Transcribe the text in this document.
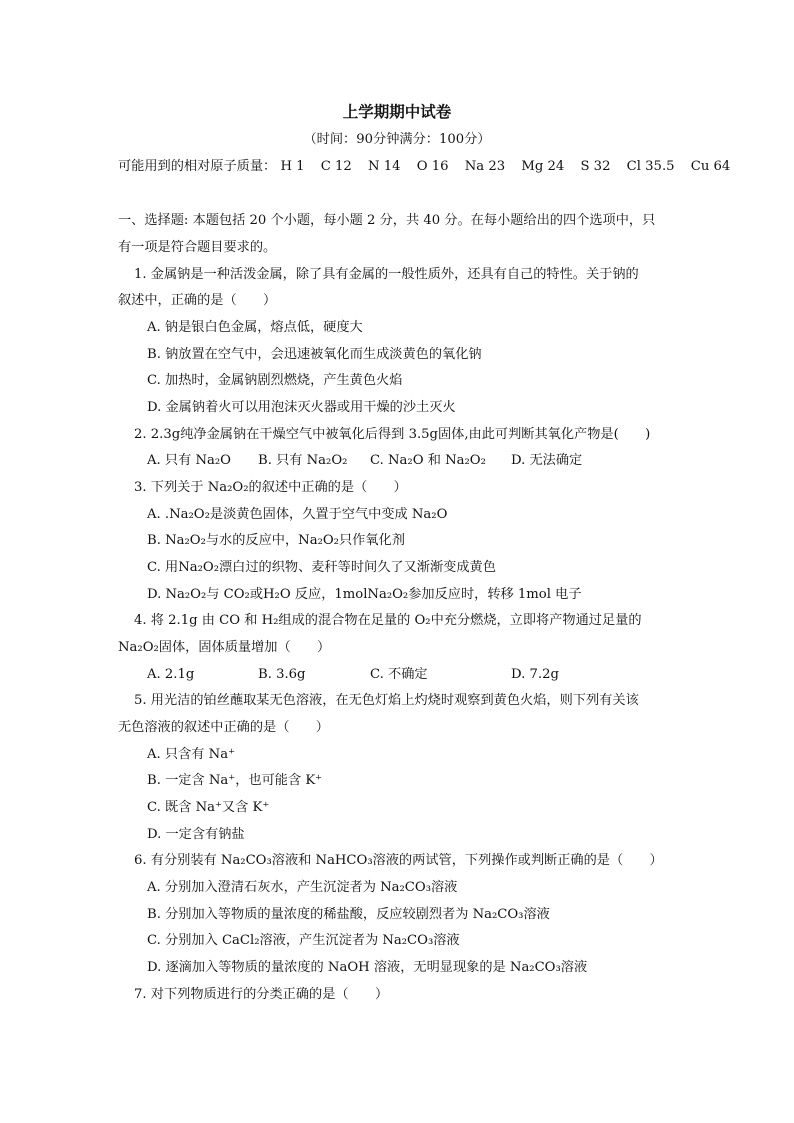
上学期期中试卷
（时间：90分钟满分：100分）
可能用到的相对原子质量： H 1 C 12 N 14 O 16 Na 23 Mg 24 S 32 Cl 35.5 Cu 64
一、选择题: 本题包括 20 个小题，每小题 2 分，共 40 分。在每小题给出的四个选项中，只
有一项是符合题目要求的。
1. 金属钠是一种活泼金属，除了具有金属的一般性质外，还具有自己的特性。关于钠的
叙述中，正确的是（　　）
A. 钠是银白色金属，熔点低，硬度大
B. 钠放置在空气中，会迅速被氧化而生成淡黄色的氧化钠
C. 加热时，金属钠剧烈燃烧，产生黄色火焰
D. 金属钠着火可以用泡沫灭火器或用干燥的沙土灭火
2. 2.3g纯净金属钠在干燥空气中被氧化后得到 3.5g固体,由此可判断其氧化产物是(　　)
A. 只有 Na₂O B. 只有 Na₂O₂ C. Na₂O 和 Na₂O₂ D. 无法确定
3. 下列关于 Na₂O₂的叙述中正确的是（　　）
A. .Na₂O₂是淡黄色固体，久置于空气中变成 Na₂O
B. Na₂O₂与水的反应中，Na₂O₂只作氧化剂
C. 用Na₂O₂漂白过的织物、麦秆等时间久了又渐渐变成黄色
D. Na₂O₂与 CO₂或H₂O 反应，1molNa₂O₂参加反应时，转移 1mol 电子
4. 将 2.1g 由 CO 和 H₂组成的混合物在足量的 O₂中充分燃烧，立即将产物通过足量的
Na₂O₂固体，固体质量增加（　　）
A. 2.1g	B. 3.6g	C. 不确定	D. 7.2g
5. 用光洁的铂丝蘸取某无色溶液，在无色灯焰上灼烧时观察到黄色火焰，则下列有关该
无色溶液的叙述中正确的是（　　）
A. 只含有 Na⁺
B. 一定含 Na⁺，也可能含 K⁺
C. 既含 Na⁺又含 K⁺
D. 一定含有钠盐
6. 有分别装有 Na₂CO₃溶液和 NaHCO₃溶液的两试管，下列操作或判断正确的是（　　）
A. 分别加入澄清石灰水，产生沉淀者为 Na₂CO₃溶液
B. 分别加入等物质的量浓度的稀盐酸，反应较剧烈者为 Na₂CO₃溶液
C. 分别加入 CaCl₂溶液，产生沉淀者为 Na₂CO₃溶液
D. 逐滴加入等物质的量浓度的 NaOH 溶液，无明显现象的是 Na₂CO₃溶液
7. 对下列物质进行的分类正确的是（　　）
